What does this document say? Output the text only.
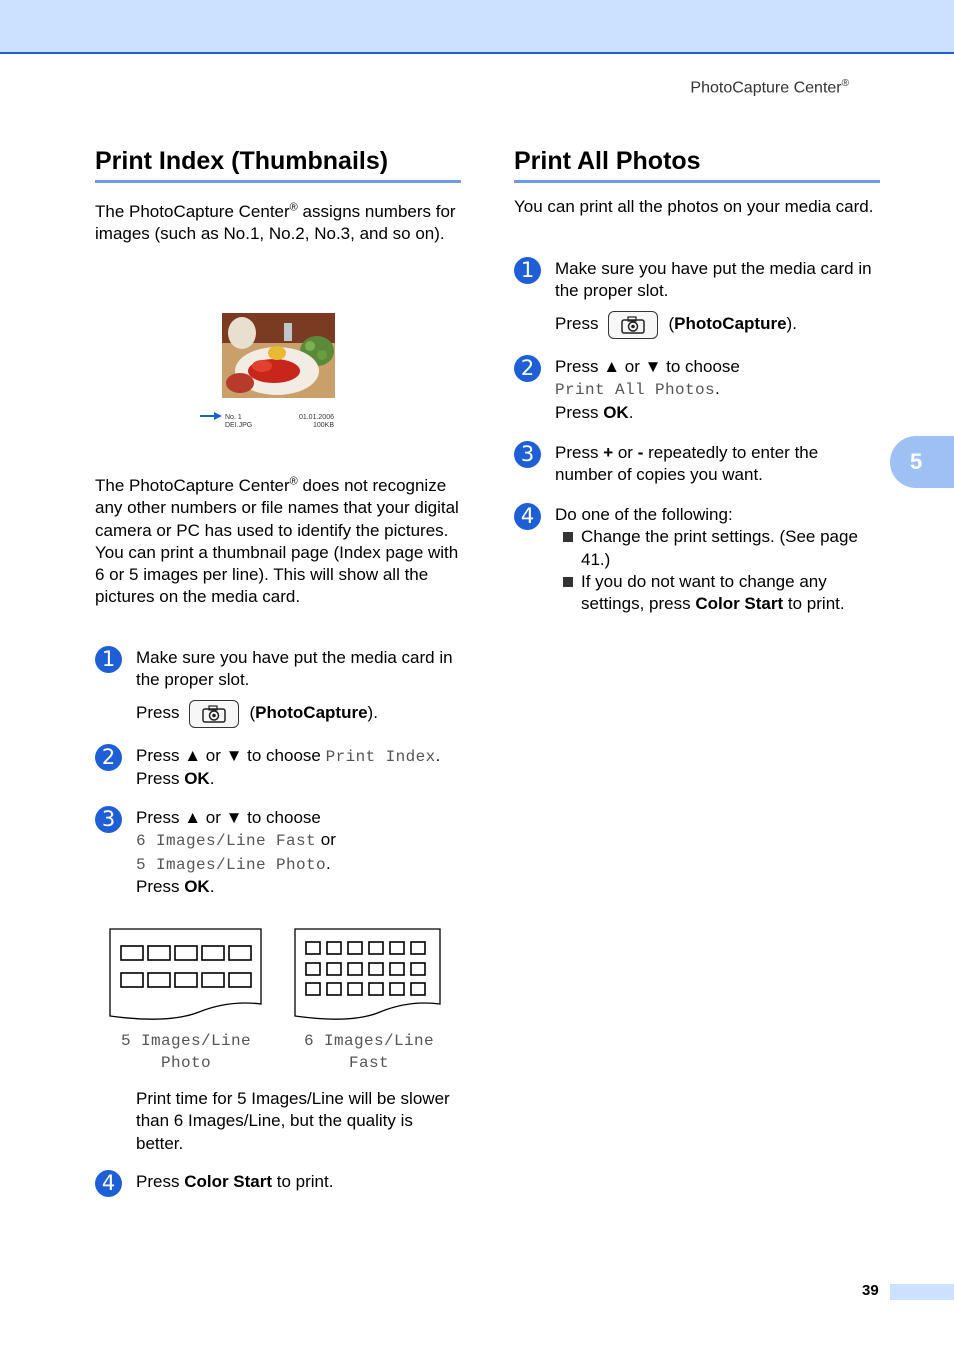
PhotoCapture Center®
Print Index (Thumbnails)
The PhotoCapture Center® assigns numbers for images (such as No.1, No.2, No.3, and so on).
No. 1
DEI.JPG
01.01.2006
100KB
The PhotoCapture Center® does not recognize any other numbers or file names that your digital camera or PC has used to identify the pictures. You can print a thumbnail page (Index page with 6 or 5 images per line). This will show all the pictures on the media card.
1	Make sure you have put the media card in the proper slot.
Press	(PhotoCapture).
2	Press ▲ or ▼ to choose Print Index.
Press OK.
3	Press ▲ or ▼ to choose
6 Images/Line Fast or
5 Images/Line Photo.
Press OK.
5 Images/Line
Photo
6 Images/Line
Fast
Print time for 5 Images/Line will be slower than 6 Images/Line, but the quality is better.
4	Press Color Start to print.
Print All Photos
You can print all the photos on your media card.
1	Make sure you have put the media card in the proper slot.
Press	(PhotoCapture).
2	Press ▲ or ▼ to choose
Print All Photos.
Press OK.
3	Press + or - repeatedly to enter the number of copies you want.
4	Do one of the following:
Change the print settings. (See page 41.)
If you do not want to change any settings, press Color Start to print.
5
39
